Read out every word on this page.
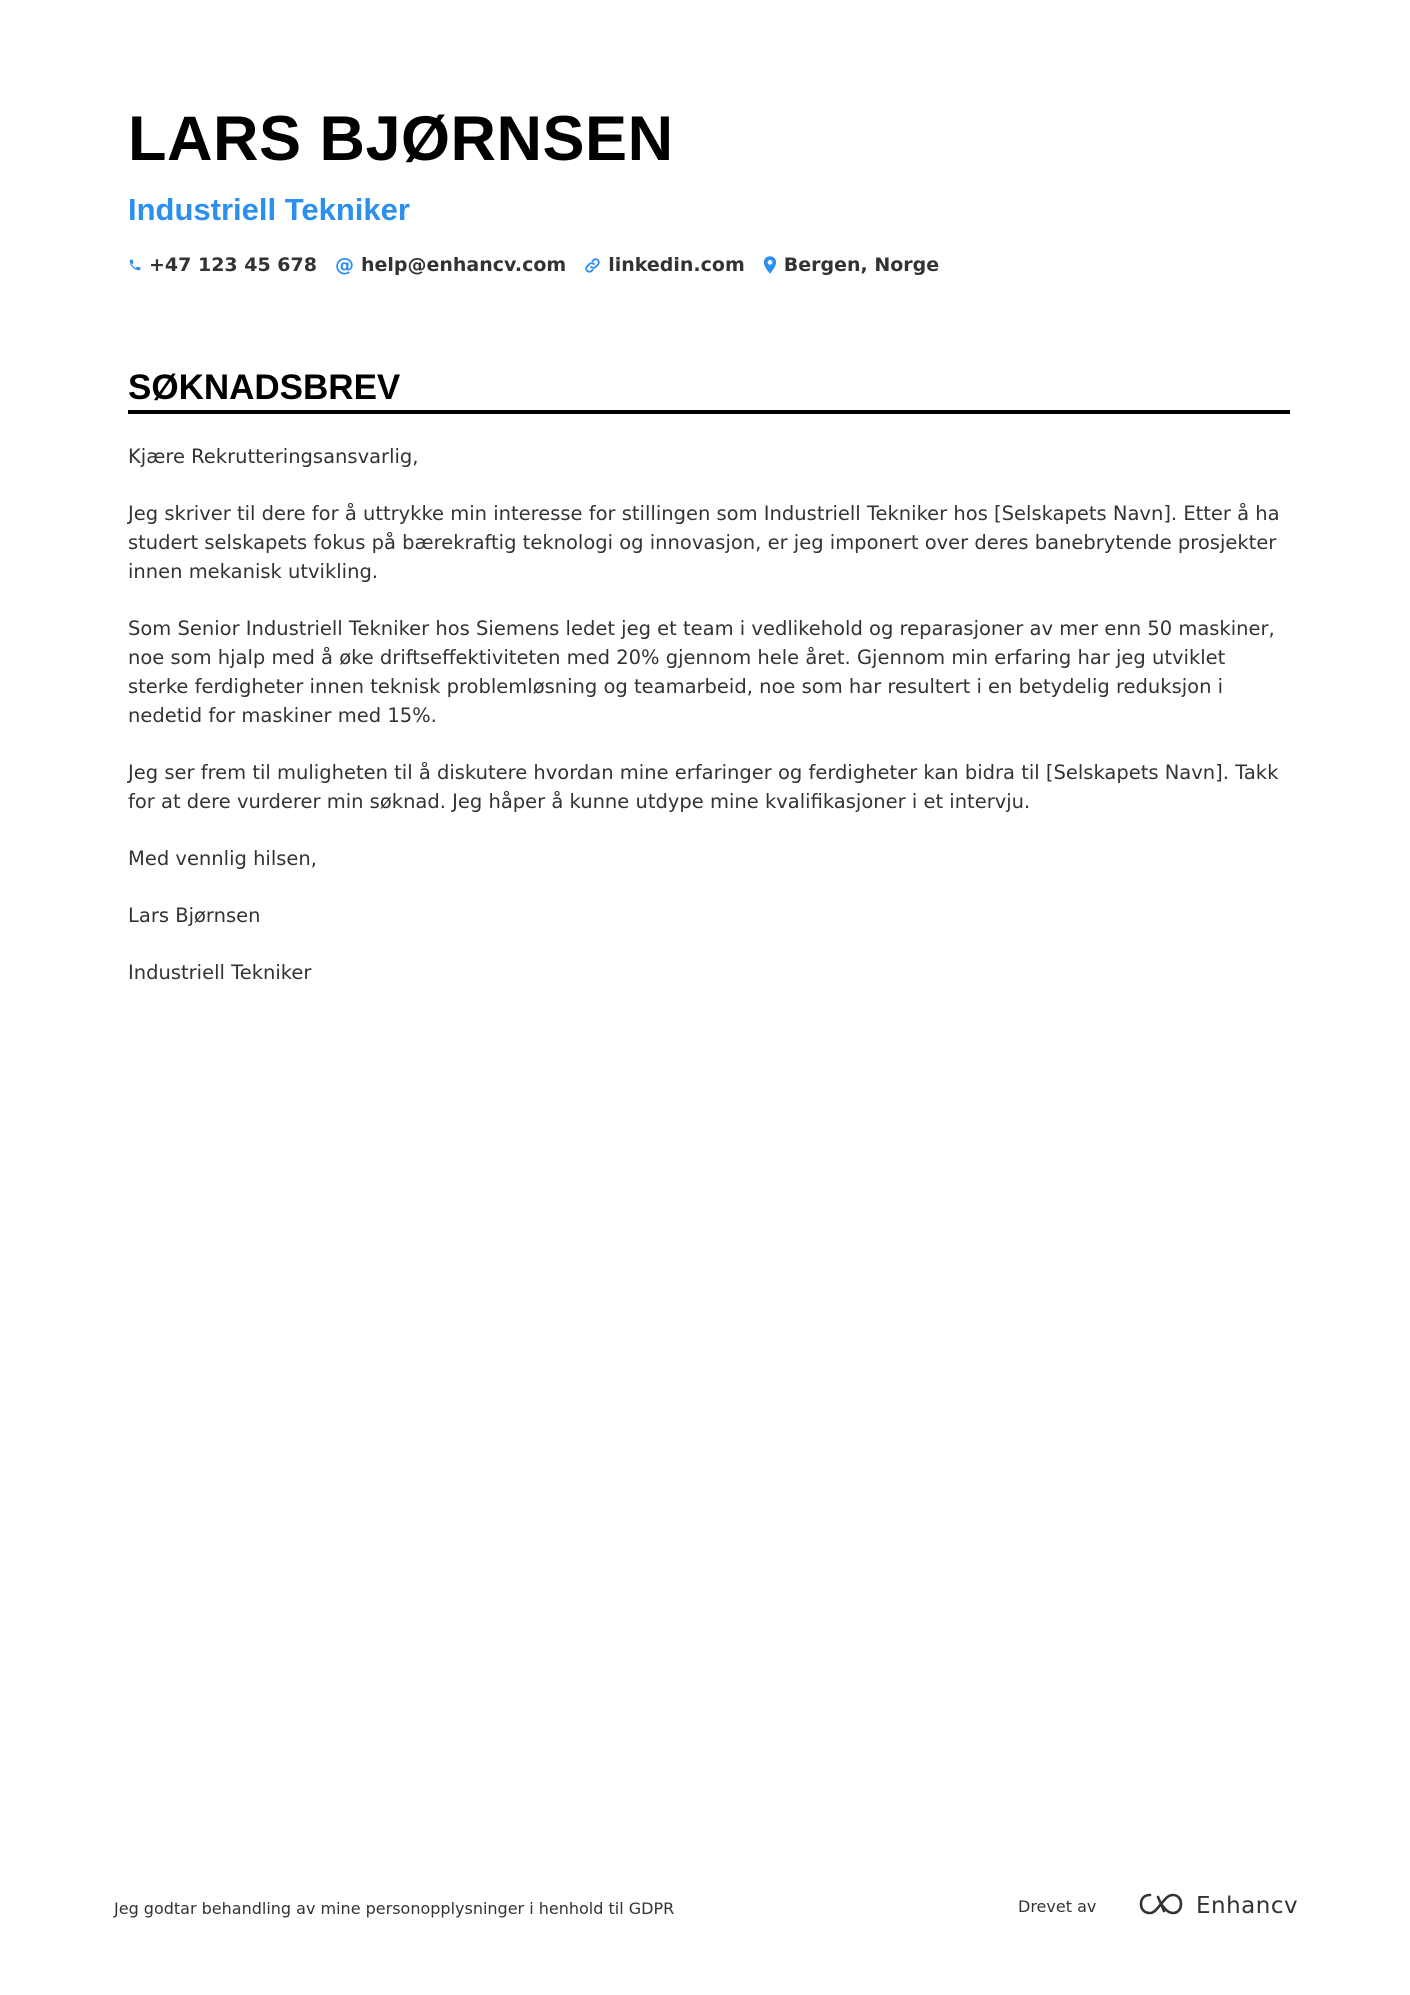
LARS BJØRNSEN
Industriell Tekniker
+47 123 45 678 @ help@enhancv.com linkedin.com Bergen, Norge
SØKNADSBREV

Kjære Rekrutteringsansvarlig,

Jeg skriver til dere for å uttrykke min interesse for stillingen som Industriell Tekniker hos [Selskapets Navn]. Etter å ha studert selskapets fokus på bærekraftig teknologi og innovasjon, er jeg imponert over deres banebrytende prosjekter innen mekanisk utvikling.

Som Senior Industriell Tekniker hos Siemens ledet jeg et team i vedlikehold og reparasjoner av mer enn 50 maskiner, noe som hjalp med å øke driftseffektiviteten med 20% gjennom hele året. Gjennom min erfaring har jeg utviklet sterke ferdigheter innen teknisk problemløsning og teamarbeid, noe som har resultert i en betydelig reduksjon i nedetid for maskiner med 15%.

Jeg ser frem til muligheten til å diskutere hvordan mine erfaringer og ferdigheter kan bidra til [Selskapets Navn]. Takk for at dere vurderer min søknad. Jeg håper å kunne utdype mine kvalifikasjoner i et intervju.

Med vennlig hilsen,

Lars Bjørnsen

Industriell Tekniker

Jeg godtar behandling av mine personopplysninger i henhold til GDPR	Drevet av	Enhancv
